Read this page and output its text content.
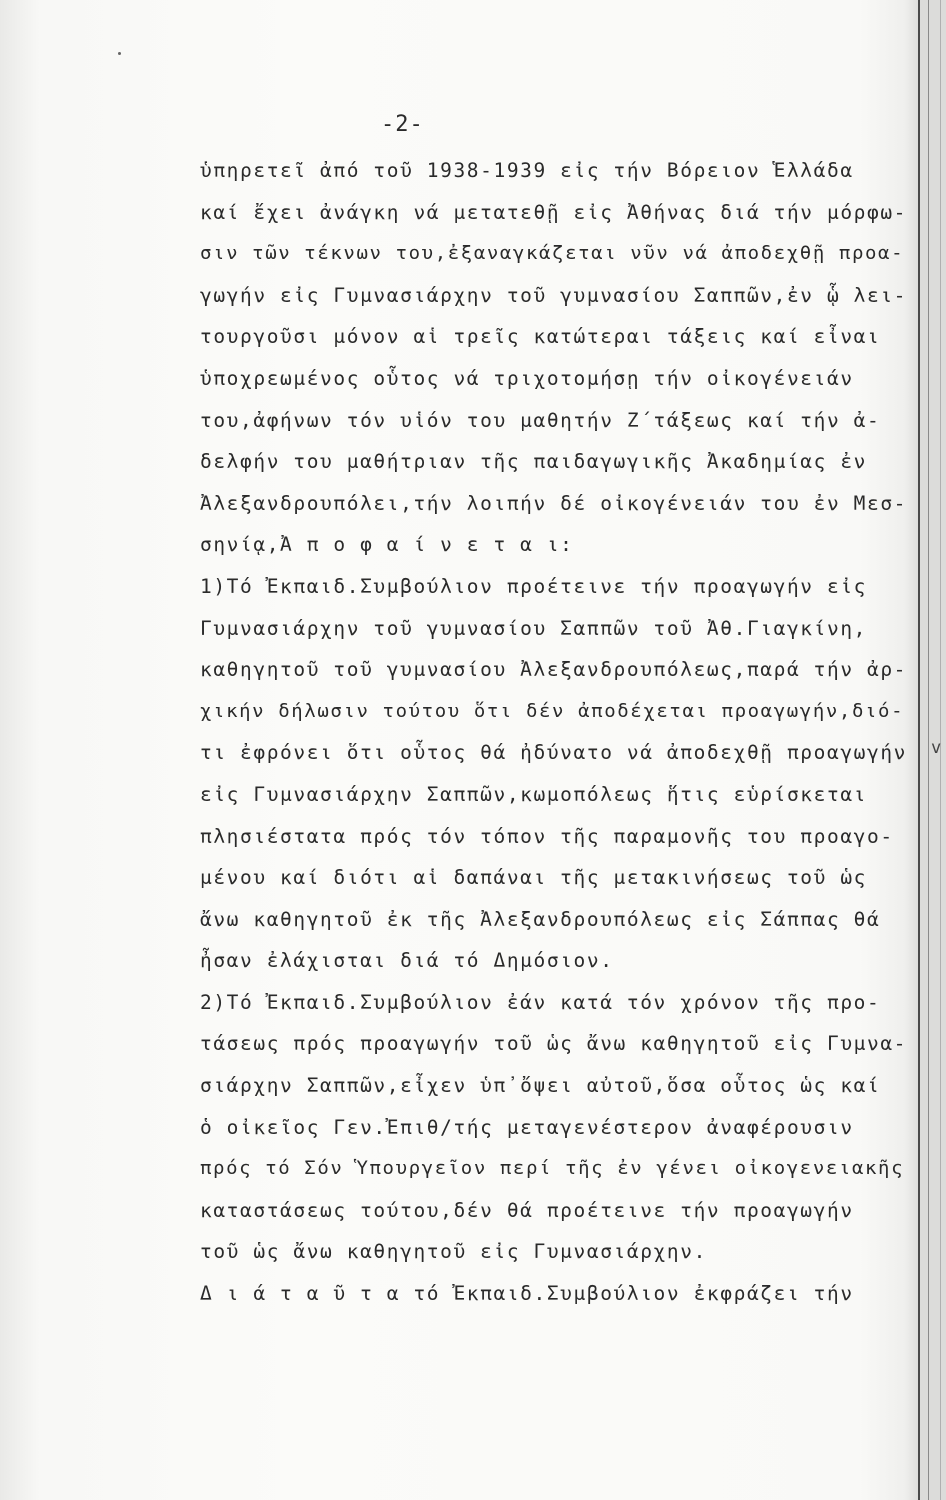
v
-2-
ὑπηρετεῖ ἀπό τοῦ 1938-1939 εἰς τήν Βόρειον Ἑλλάδα
καί ἔχει ἀνάγκη νά μετατεθῇ εἰς Ἀθήνας διά τήν μόρφω-
σιν τῶν τέκνων του,ἐξαναγκάζεται νῦν νά ἀποδεχθῇ προα-
γωγήν εἰς Γυμνασιάρχην τοῦ γυμνασίου Σαππῶν,ἐν ᾧ λει-
τουργοῦσι μόνον αἱ τρεῖς κατώτεραι τάξεις καί εἶναι
ὑποχρεωμένος οὗτος νά τριχοτομήσῃ τήν οἰκογένειάν
του,ἀφήνων τόν υἱόν του μαθητήν Ζ΄τάξεως καί τήν ἀ-
δελφήν του μαθήτριαν τῆς παιδαγωγικῆς Ἀκαδημίας ἐν
Ἀλεξανδρουπόλει,τήν λοιπήν δέ οἰκογένειάν του ἐν Μεσ-
σηνίᾳ,Ἀ π ο φ α ί ν ε τ α ι:
1)Τό Ἐκπαιδ.Συμβούλιον προέτεινε τήν προαγωγήν εἰς
Γυμνασιάρχην τοῦ γυμνασίου Σαππῶν τοῦ Ἀθ.Γιαγκίνη,
καθηγητοῦ τοῦ γυμνασίου Ἀλεξανδρουπόλεως,παρά τήν ἀρ-
χικήν δήλωσιν τούτου ὅτι δέν ἀποδέχεται προαγωγήν,διό-
τι ἐφρόνει ὅτι οὗτος θά ἠδύνατο νά ἀποδεχθῇ προαγωγήν
εἰς Γυμνασιάρχην Σαππῶν,κωμοπόλεως ἥτις εὑρίσκεται
πλησιέστατα πρός τόν τόπον τῆς παραμονῆς του προαγο-
μένου καί διότι αἱ δαπάναι τῆς μετακινήσεως τοῦ ὡς
ἄνω καθηγητοῦ ἐκ τῆς Ἀλεξανδρουπόλεως εἰς Σάππας θά
ἦσαν ἐλάχισται διά τό Δημόσιον.
2)Τό Ἐκπαιδ.Συμβούλιον ἐάν κατά τόν χρόνον τῆς προ-
τάσεως πρός προαγωγήν τοῦ ὡς ἄνω καθηγητοῦ εἰς Γυμνα-
σιάρχην Σαππῶν,εἶχεν ὑπ᾽ὄψει αὐτοῦ,ὅσα οὗτος ὡς καί
ὁ οἰκεῖος Γεν.Ἐπιθ/τής μεταγενέστερον ἀναφέρουσιν
πρός τό Σόν Ὑπουργεῖον περί τῆς ἐν γένει οἰκογενειακῆς
καταστάσεως τούτου,δέν θά προέτεινε τήν προαγωγήν
τοῦ ὡς ἄνω καθηγητοῦ εἰς Γυμνασιάρχην.
Δ ι ά τ α ῦ τ α τό Ἐκπαιδ.Συμβούλιον ἐκφράζει τήν
